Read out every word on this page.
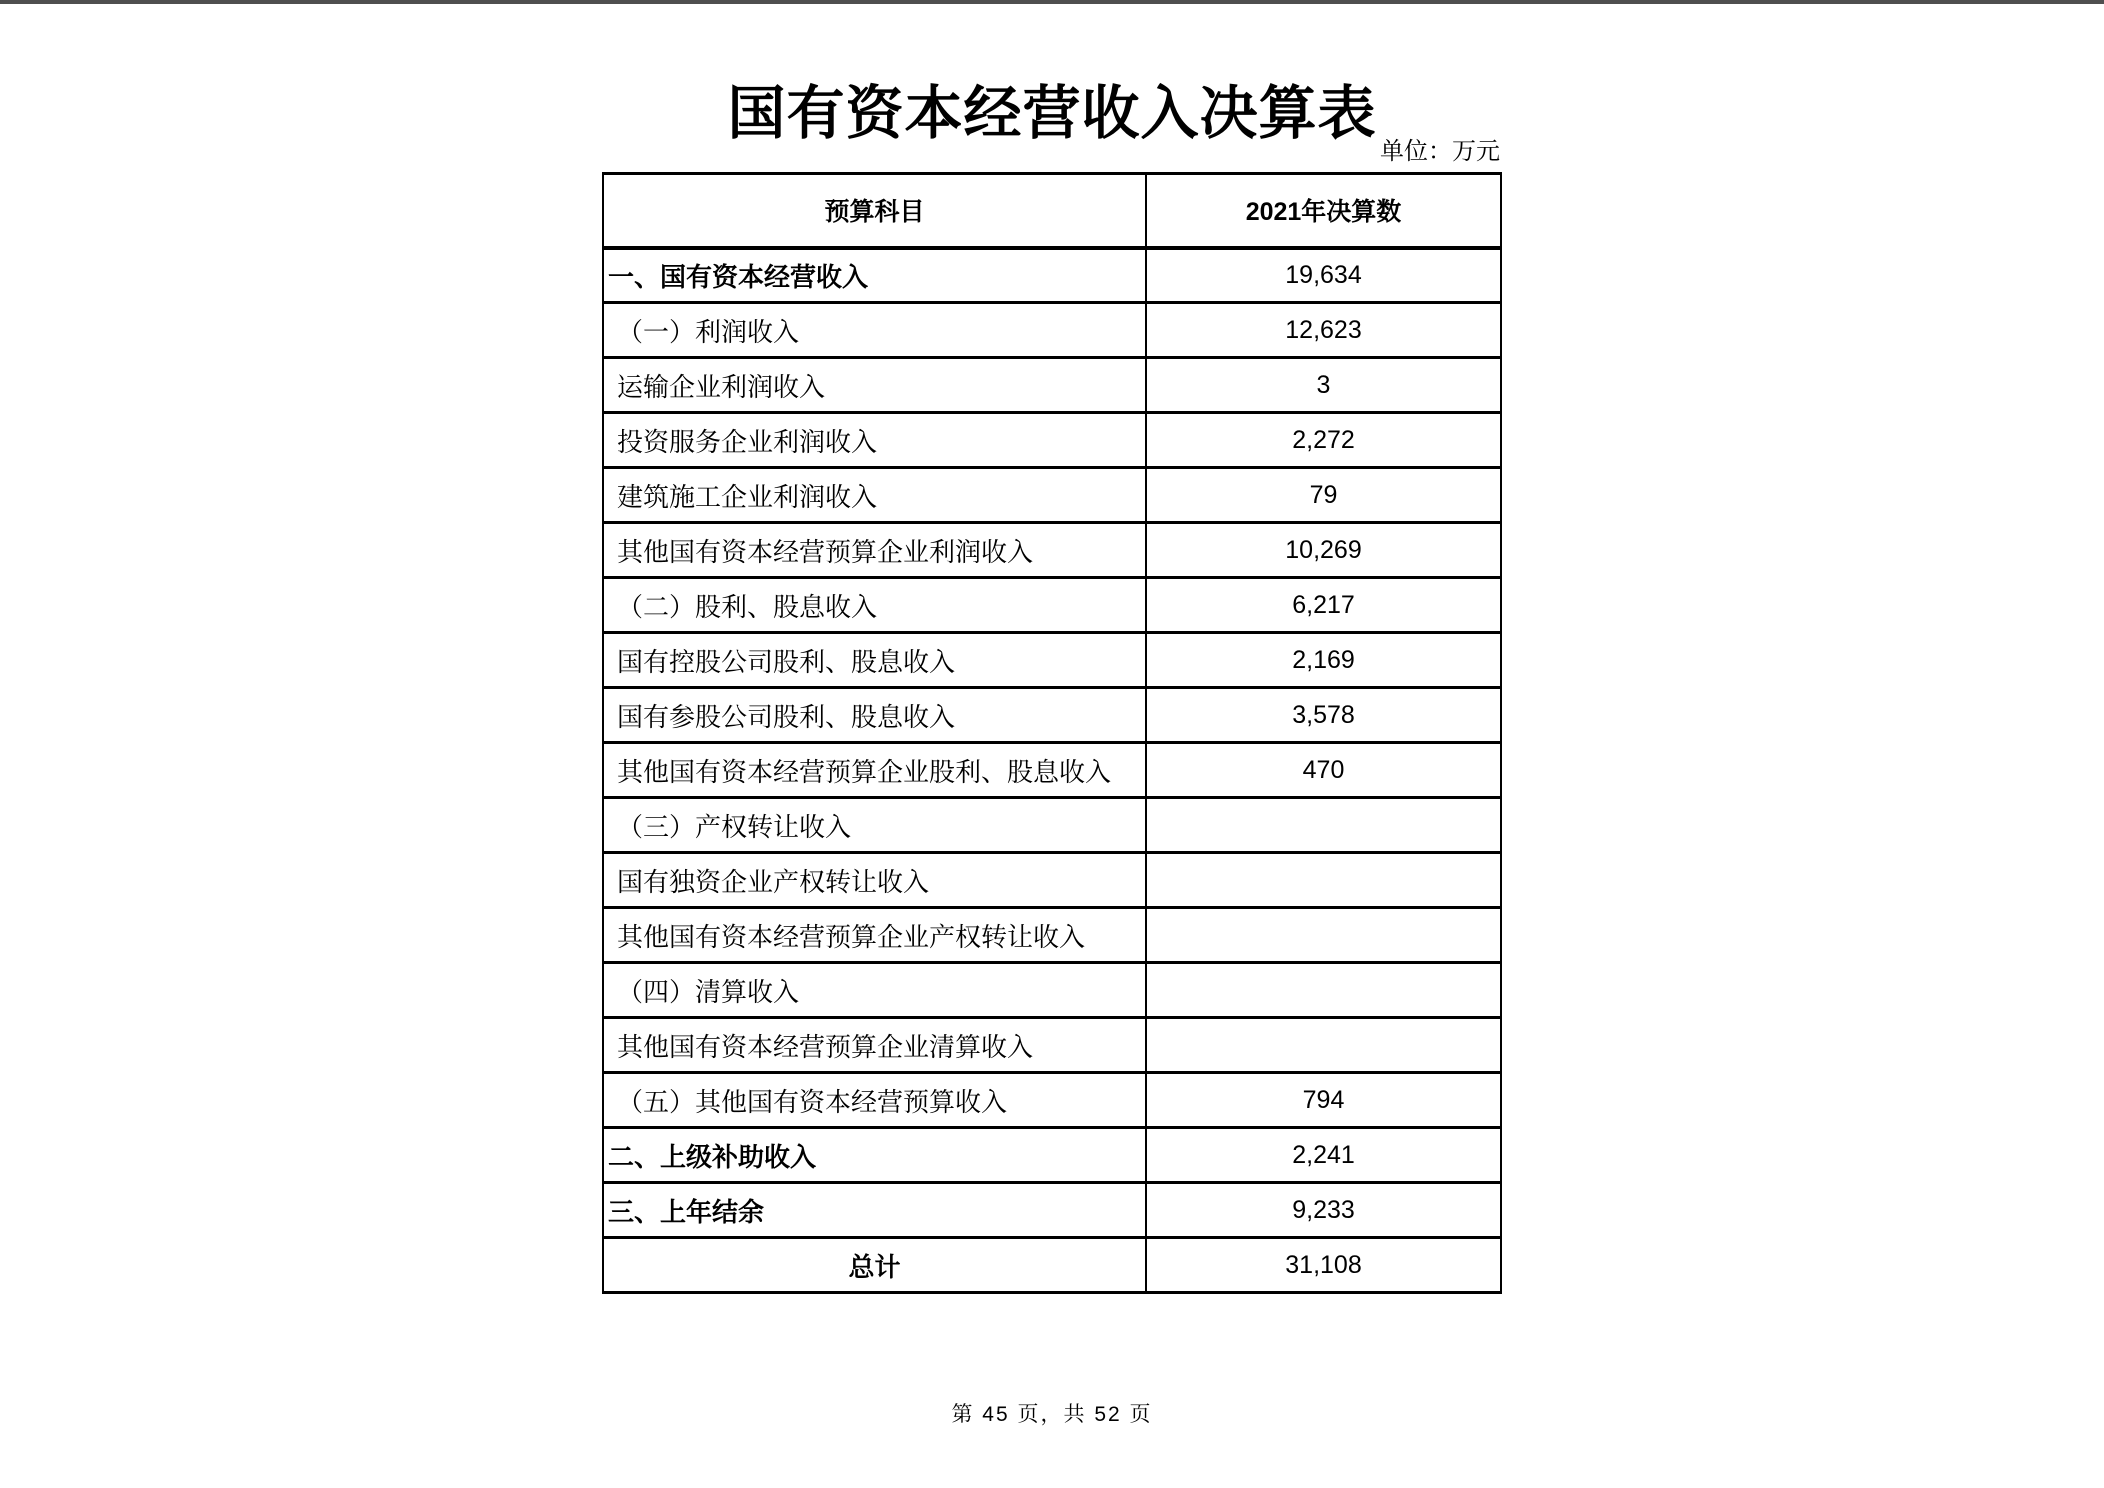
国有资本经营收入决算表
单位：万元
预算科目	2021年决算数
一、国有资本经营收入	19,634
（一）利润收入	12,623
运输企业利润收入	3
投资服务企业利润收入	2,272
建筑施工企业利润收入	79
其他国有资本经营预算企业利润收入	10,269
（二）股利、股息收入	6,217
国有控股公司股利、股息收入	2,169
国有参股公司股利、股息收入	3,578
其他国有资本经营预算企业股利、股息收入	470
（三）产权转让收入	
国有独资企业产权转让收入	
其他国有资本经营预算企业产权转让收入	
（四）清算收入	
其他国有资本经营预算企业清算收入	
（五）其他国有资本经营预算收入	794
二、上级补助收入	2,241
三、上年结余	9,233
总计	31,108
第 45 页，共 52 页
